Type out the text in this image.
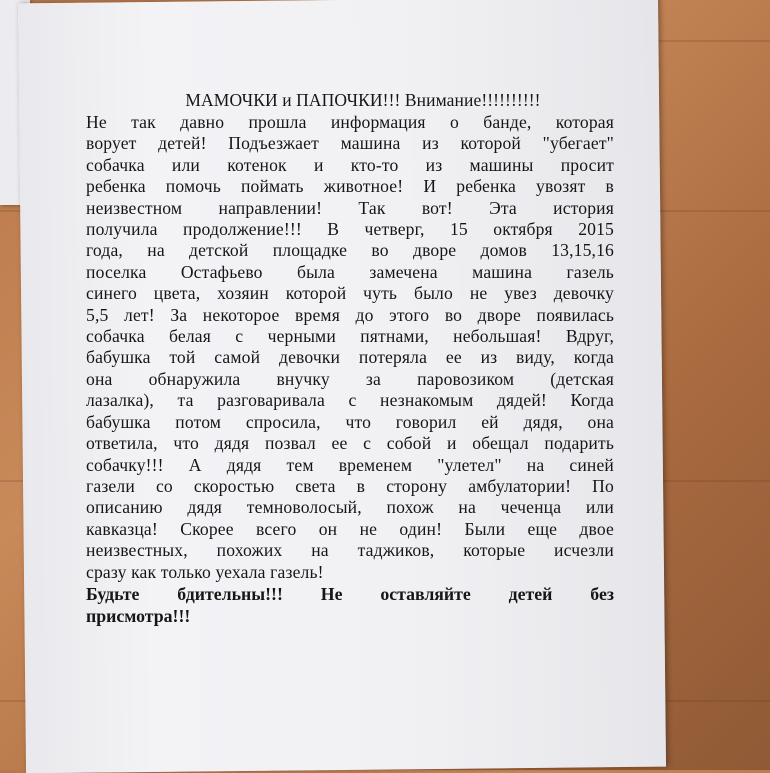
МАМОЧКИ и ПАПОЧКИ!!! Внимание!!!!!!!!!!

Не так давно прошла информация о банде, которая
ворует детей! Подъезжает машина из которой "убегает"
собачка или котенок и кто-то из машины просит
ребенка помочь поймать животное! И ребенка увозят в
неизвестном направлении! Так вот! Эта история
получила продолжение!!! В четверг, 15 октября 2015
года, на детской площадке во дворе домов 13,15,16
поселка Остафьево была замечена машина газель
синего цвета, хозяин которой чуть было не увез девочку
5,5 лет! За некоторое время до этого во дворе появилась
собачка белая с черными пятнами, небольшая! Вдруг,
бабушка той самой девочки потеряла ее из виду, когда
она обнаружила внучку за паровозиком (детская
лазалка), та разговаривала с незнакомым дядей! Когда
бабушка потом спросила, что говорил ей дядя, она
ответила, что дядя позвал ее с собой и обещал подарить
собачку!!! А дядя тем временем "улетел" на синей
газели со скоростью света в сторону амбулатории! По
описанию дядя темноволосый, похож на чеченца или
кавказца! Скорее всего он не один! Были еще двое
неизвестных, похожих на таджиков, которые исчезли
сразу как только уехала газель!

Будьте бдительны!!! Не оставляйте детей без
присмотра!!!
